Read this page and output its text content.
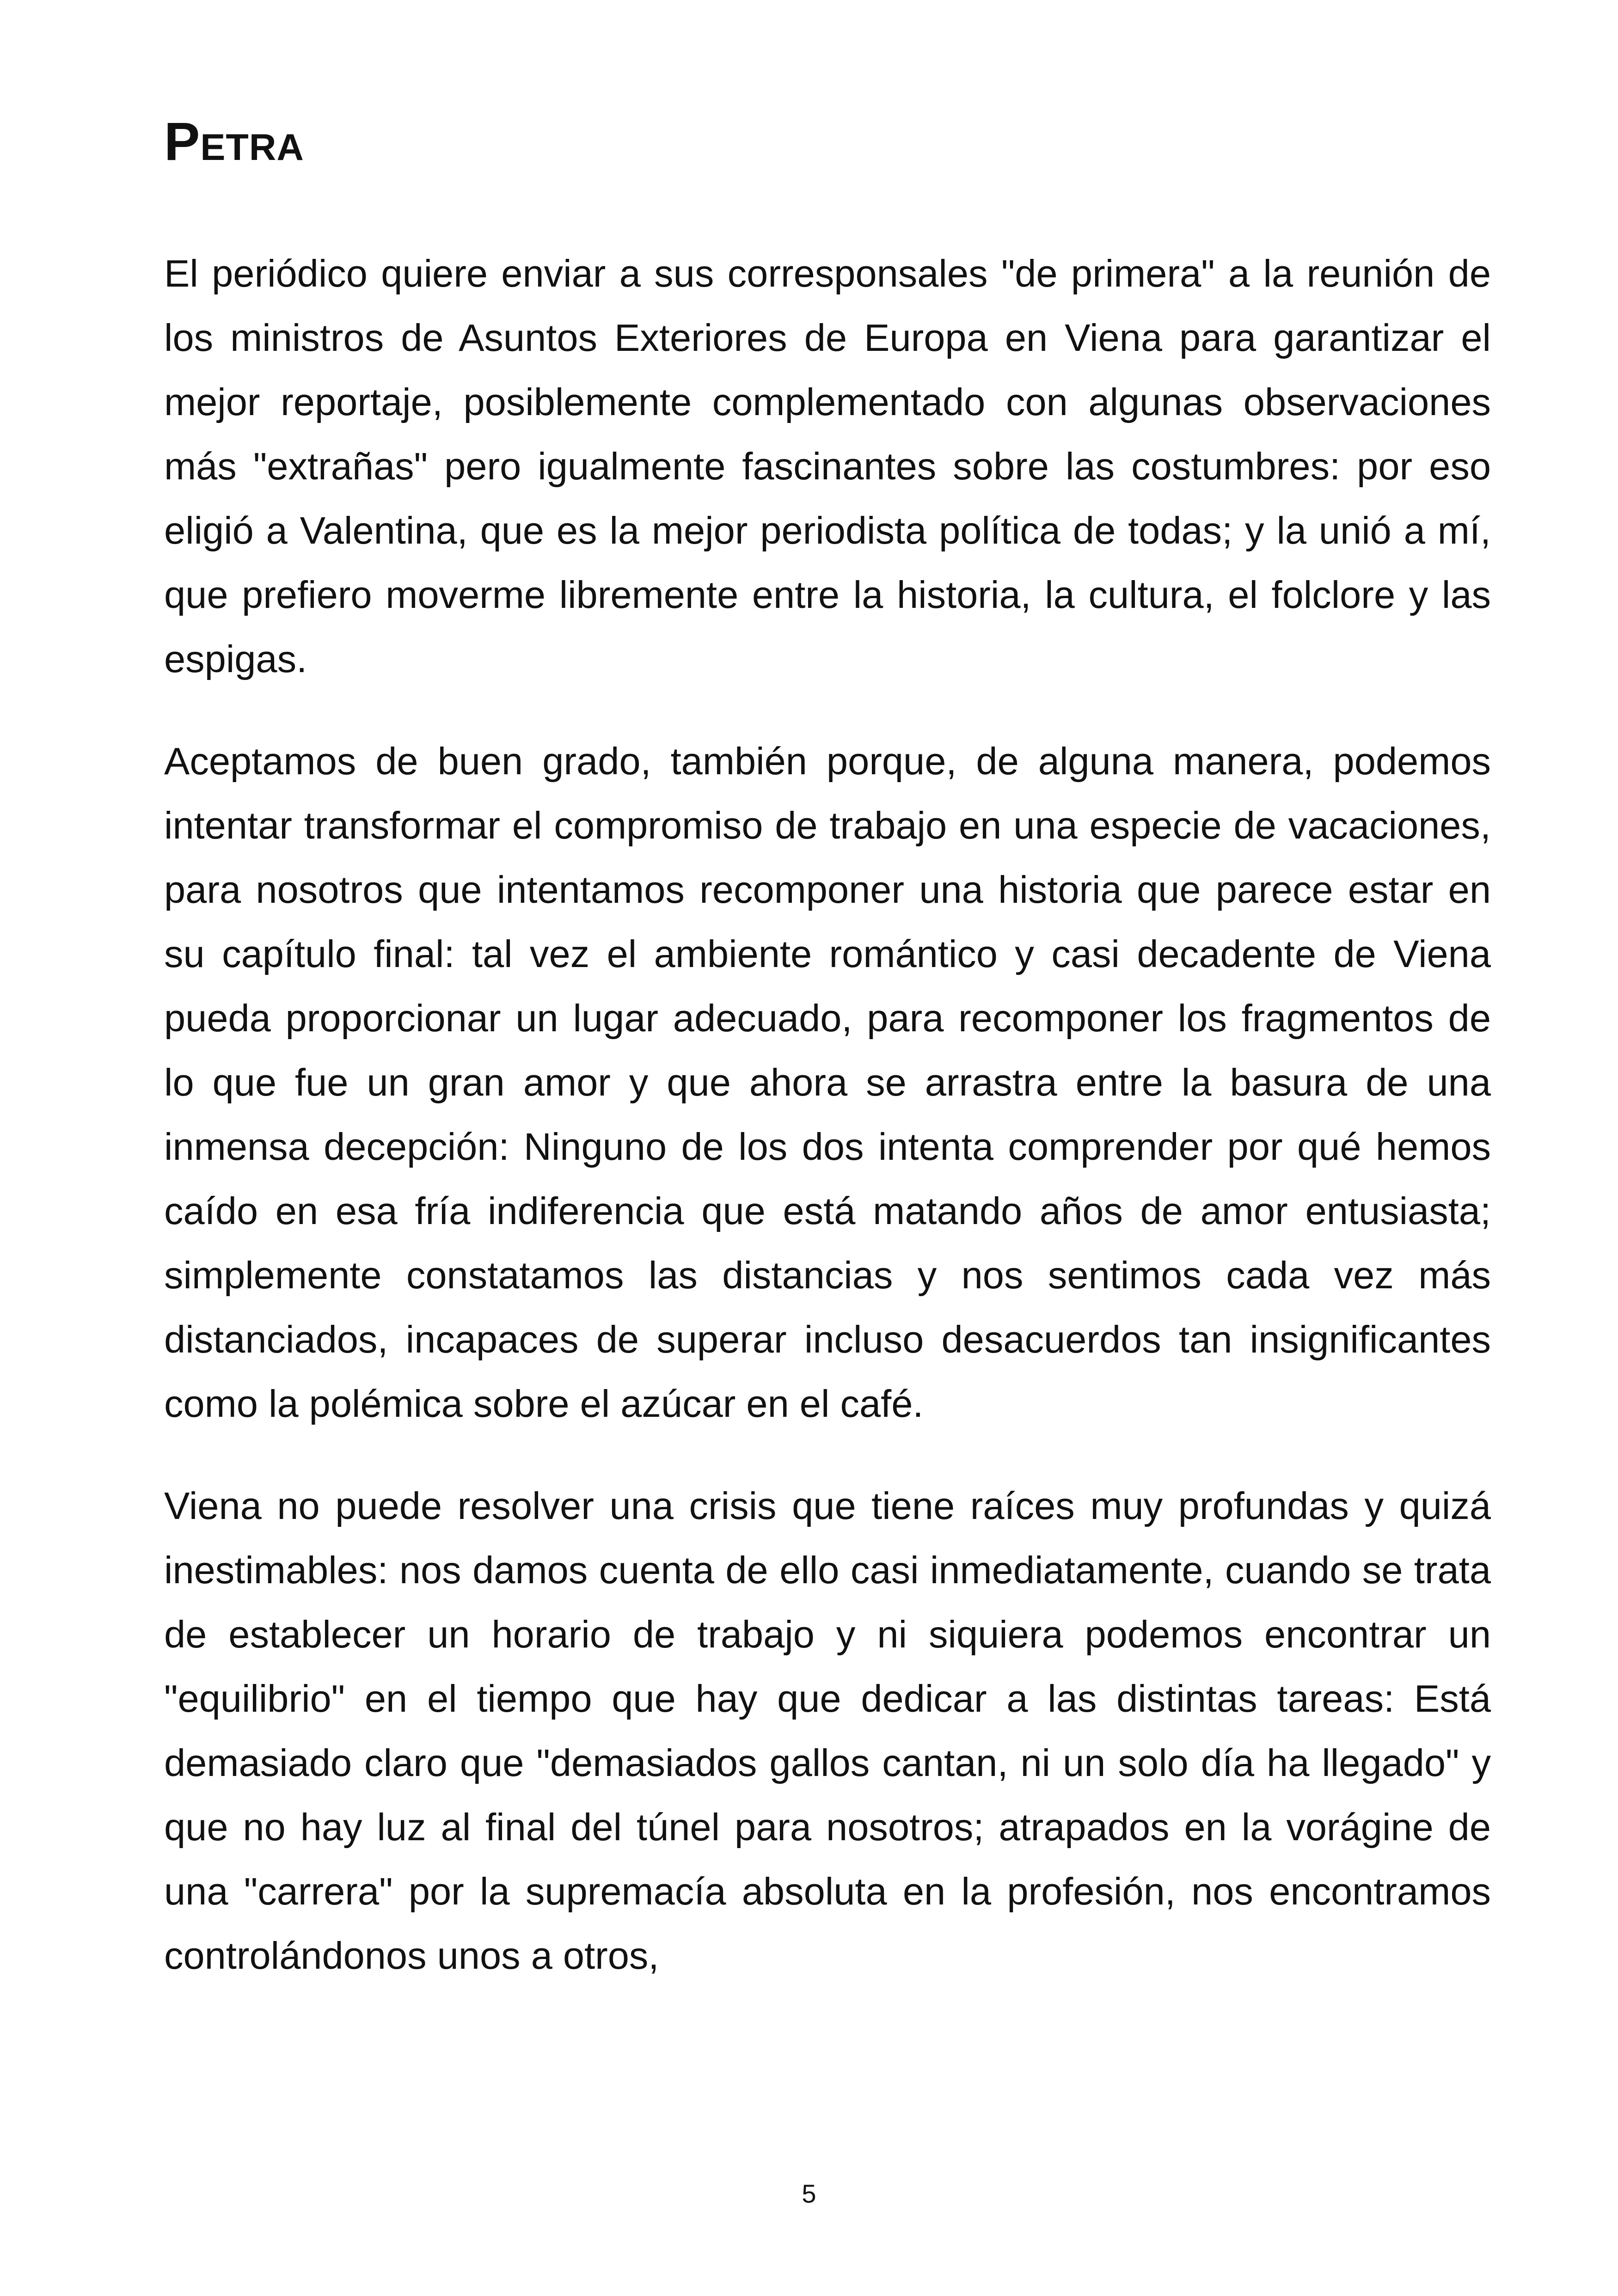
Petra

El periódico quiere enviar a sus corresponsales "de primera" a la reunión de los ministros de Asuntos Exteriores de Europa en Viena para garantizar el mejor reportaje, posiblemente complementado con algunas observaciones más "extrañas" pero igualmente fascinantes sobre las costumbres: por eso eligió a Valentina, que es la mejor periodista política de todas; y la unió a mí, que prefiero moverme libremente entre la historia, la cultura, el folclore y las espigas.

Aceptamos de buen grado, también porque, de alguna manera, podemos intentar transformar el compromiso de trabajo en una especie de vacaciones, para nosotros que intentamos recomponer una historia que parece estar en su capítulo final: tal vez el ambiente romántico y casi decadente de Viena pueda proporcionar un lugar adecuado, para recomponer los fragmentos de lo que fue un gran amor y que ahora se arrastra entre la basura de una inmensa decepción: Ninguno de los dos intenta comprender por qué hemos caído en esa fría indiferencia que está matando años de amor entusiasta; simplemente constatamos las distancias y nos sentimos cada vez más distanciados, incapaces de superar incluso desacuerdos tan insignificantes como la polémica sobre el azúcar en el café.

Viena no puede resolver una crisis que tiene raíces muy profundas y quizá inestimables: nos damos cuenta de ello casi inmediatamente, cuando se trata de establecer un horario de trabajo y ni siquiera podemos encontrar un "equilibrio" en el tiempo que hay que dedicar a las distintas tareas: Está demasiado claro que "demasiados gallos cantan, ni un solo día ha llegado" y que no hay luz al final del túnel para nosotros; atrapados en la vorágine de una "carrera" por la supremacía absoluta en la profesión, nos encontramos controlándonos unos a otros,

5
